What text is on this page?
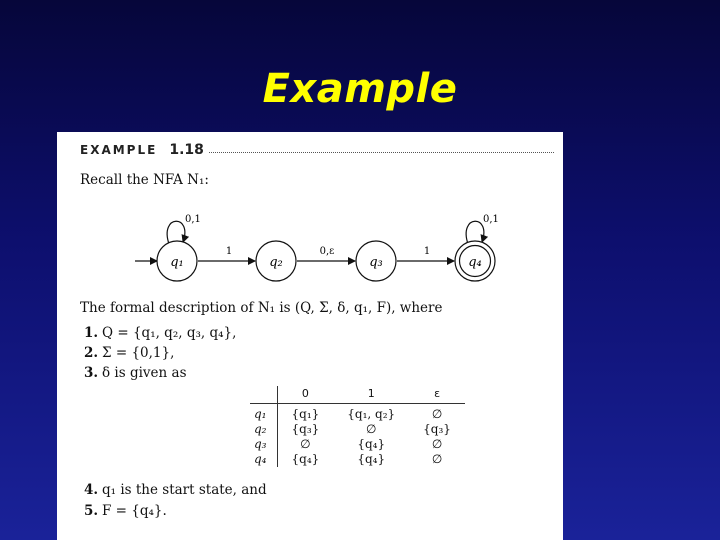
Example
EXAMPLE 1.18
Recall the NFA N₁:
q₁	q₂	q₃	q₄
0,1
1	0,ε	1
0,1
The formal description of N₁ is (Q, Σ, δ, q₁, F), where
1. Q = {q₁, q₂, q₃, q₄},
2. Σ = {0,1},
3. δ is given as
	0	1	ε
q₁	{q₁}	{q₁, q₂}	∅
q₂	{q₃}	∅	{q₃}
q₃	∅	{q₄}	∅
q₄	{q₄}	{q₄}	∅
4. q₁ is the start state, and
5. F = {q₄}.
